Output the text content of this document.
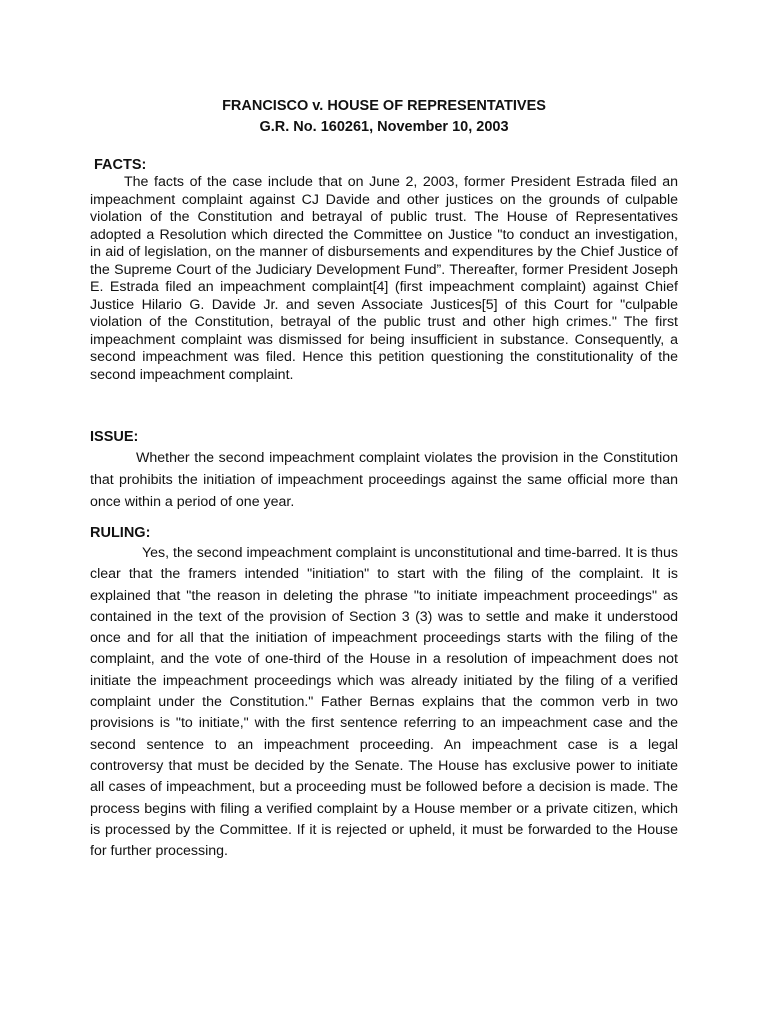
FRANCISCO v. HOUSE OF REPRESENTATIVES
G.R. No. 160261, November 10, 2003
FACTS:

The facts of the case include that on June 2, 2003, former President Estrada filed an impeachment complaint against CJ Davide and other justices on the grounds of culpable violation of the Constitution and betrayal of public trust. The House of Representatives adopted a Resolution which directed the Committee on Justice "to conduct an investigation, in aid of legislation, on the manner of disbursements and expenditures by the Chief Justice of the Supreme Court of the Judiciary Development Fund”. Thereafter, former President Joseph E. Estrada filed an impeachment complaint[4] (first impeachment complaint) against Chief Justice Hilario G. Davide Jr. and seven Associate Justices[5] of this Court for "culpable violation of the Constitution, betrayal of the public trust and other high crimes." The first impeachment complaint was dismissed for being insufficient in substance. Consequently, a second impeachment was filed. Hence this petition questioning the constitutionality of the second impeachment complaint.

ISSUE:

Whether the second impeachment complaint violates the provision in the Constitution that prohibits the initiation of impeachment proceedings against the same official more than once within a period of one year.

RULING:

Yes, the second impeachment complaint is unconstitutional and time-barred. It is thus clear that the framers intended "initiation" to start with the filing of the complaint. It is explained that "the reason in deleting the phrase "to initiate impeachment proceedings" as contained in the text of the provision of Section 3 (3) was to settle and make it understood once and for all that the initiation of impeachment proceedings starts with the filing of the complaint, and the vote of one-third of the House in a resolution of impeachment does not initiate the impeachment proceedings which was already initiated by the filing of a verified complaint under the Constitution." Father Bernas explains that the common verb in two provisions is "to initiate," with the first sentence referring to an impeachment case and the second sentence to an impeachment proceeding. An impeachment case is a legal controversy that must be decided by the Senate. The House has exclusive power to initiate all cases of impeachment, but a proceeding must be followed before a decision is made. The process begins with filing a verified complaint by a House member or a private citizen, which is processed by the Committee. If it is rejected or upheld, it must be forwarded to the House for further processing.
